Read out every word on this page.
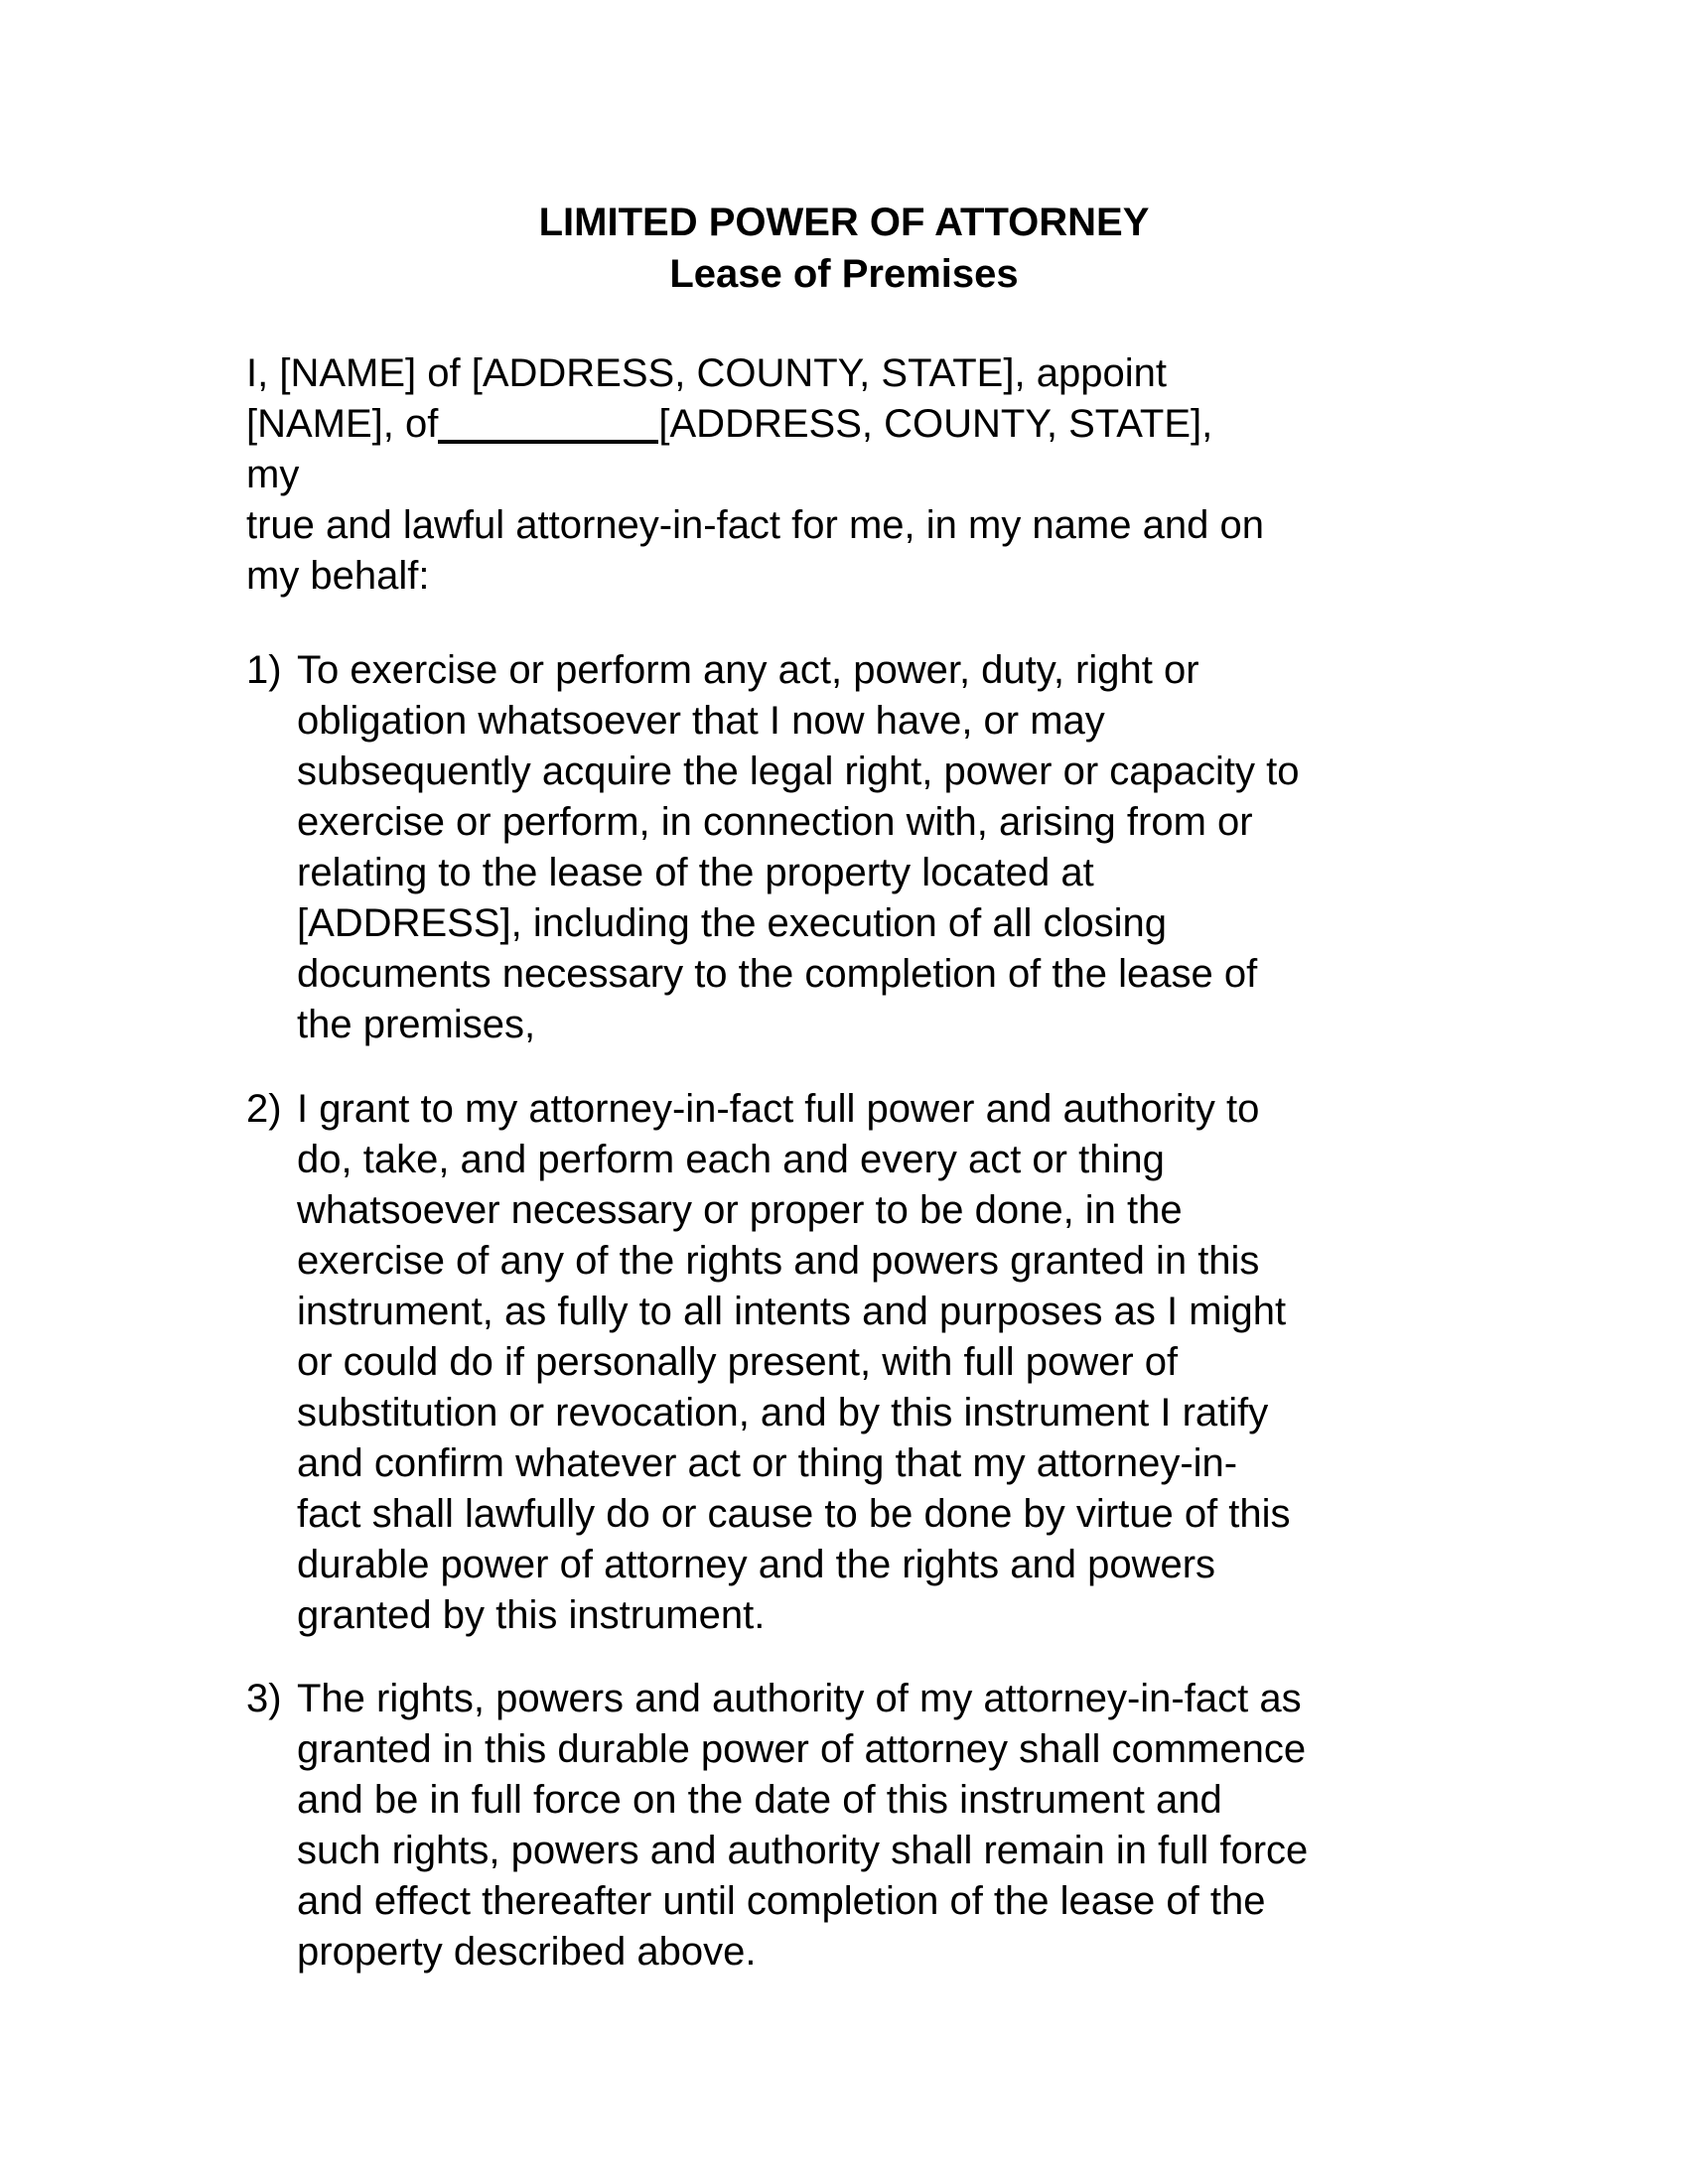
LIMITED POWER OF ATTORNEY
Lease of Premises
I, [NAME] of [ADDRESS, COUNTY, STATE], appoint
[NAME], of	[ADDRESS, COUNTY, STATE],
my
true and lawful attorney-in-fact for me, in my name and on
my behalf:
1) To exercise or perform any act, power, duty, right or
obligation whatsoever that I now have, or may
subsequently acquire the legal right, power or capacity to
exercise or perform, in connection with, arising from or
relating to the lease of the property located at
[ADDRESS], including the execution of all closing
documents necessary to the completion of the lease of
the premises,
2) I grant to my attorney-in-fact full power and authority to
do, take, and perform each and every act or thing
whatsoever necessary or proper to be done, in the
exercise of any of the rights and powers granted in this
instrument, as fully to all intents and purposes as I might
or could do if personally present, with full power of
substitution or revocation, and by this instrument I ratify
and confirm whatever act or thing that my attorney-in-
fact shall lawfully do or cause to be done by virtue of this
durable power of attorney and the rights and powers
granted by this instrument.
3) The rights, powers and authority of my attorney-in-fact as
granted in this durable power of attorney shall commence
and be in full force on the date of this instrument and
such rights, powers and authority shall remain in full force
and effect thereafter until completion of the lease of the
property described above.
